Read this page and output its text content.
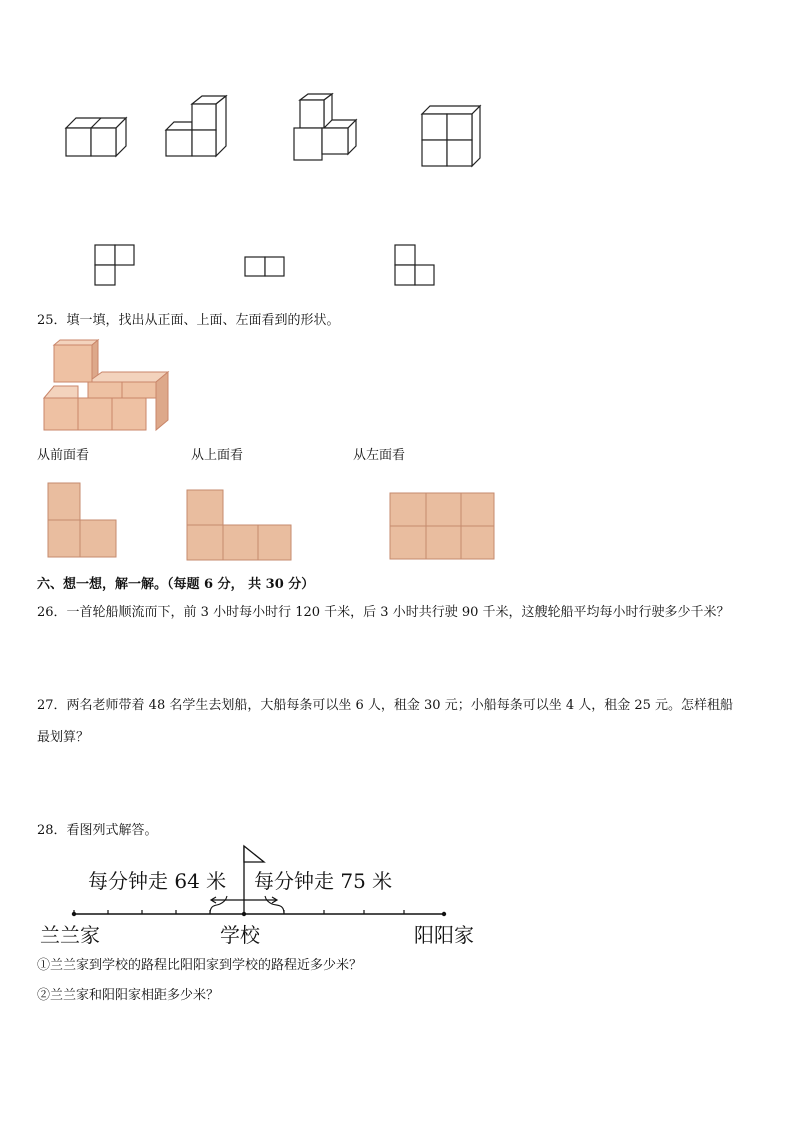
25．填一填，找出从正面、上面、左面看到的形状。
从前面看	从上面看	从左面看
六、想一想，解一解。（每题 6 分， 共 30 分）
26．一首轮船顺流而下，前 3 小时每小时行 120 千米，后 3 小时共行驶 90 千米，这艘轮船平均每小时行驶多少千米？
27．两名老师带着 48 名学生去划船，大船每条可以坐 6 人，租金 30 元；小船每条可以坐 4 人，租金 25 元。怎样租船
最划算？
28．看图列式解答。
每分钟走 64 米 每分钟走 75 米
兰兰家	学校	阳阳家
①兰兰家到学校的路程比阳阳家到学校的路程近多少米？
②兰兰家和阳阳家相距多少米？
